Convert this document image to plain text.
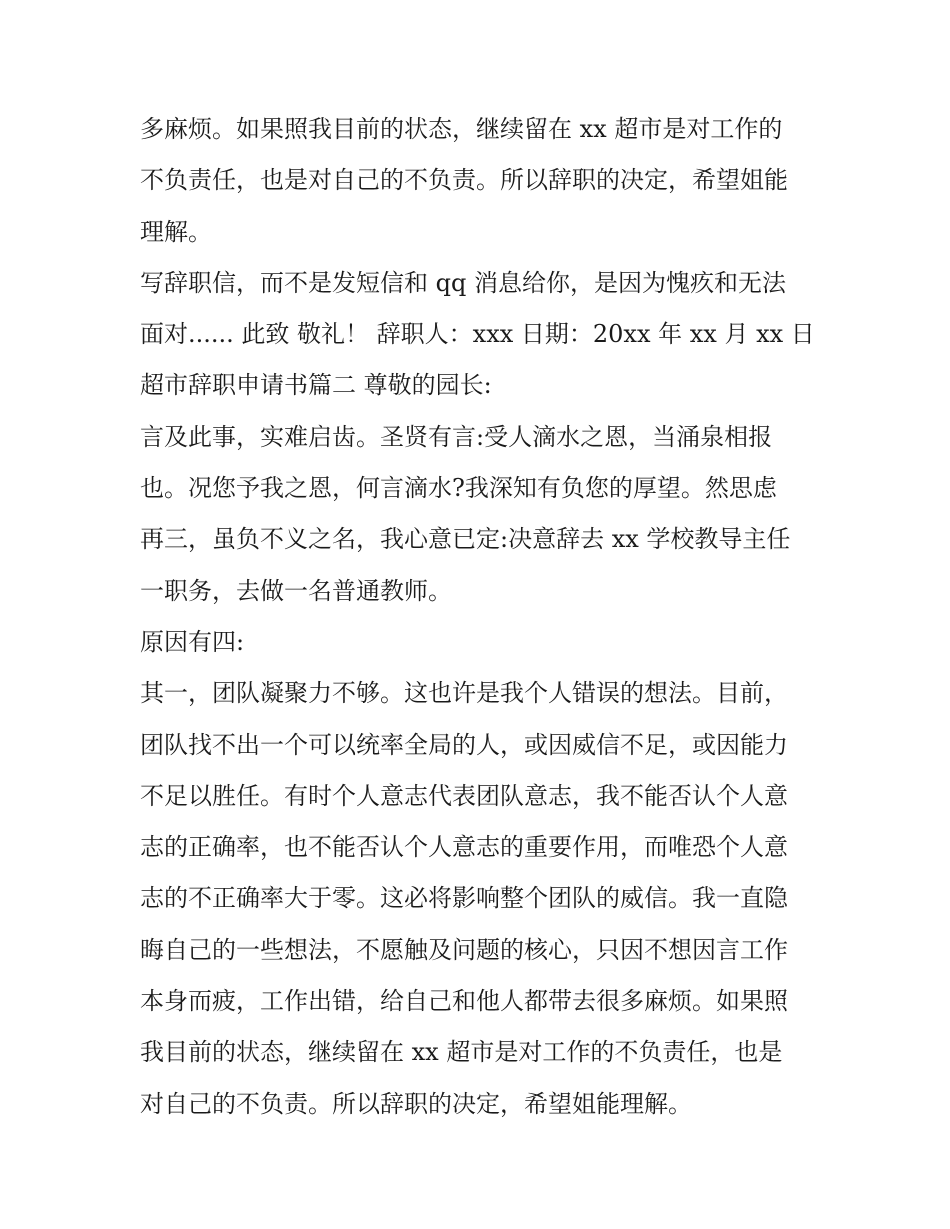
多麻烦。如果照我目前的状态，继续留在 xx 超市是对工作的
不负责任，也是对自己的不负责。所以辞职的决定，希望姐能
理解。
写辞职信，而不是发短信和 qq 消息给你，是因为愧疚和无法
面对...... 此致 敬礼！ 辞职人：xxx 日期：20xx 年 xx 月 xx 日
超市辞职申请书篇二 尊敬的园长:
言及此事，实难启齿。圣贤有言:受人滴水之恩，当涌泉相报
也。况您予我之恩，何言滴水?我深知有负您的厚望。然思虑
再三，虽负不义之名，我心意已定:决意辞去 xx 学校教导主任
一职务，去做一名普通教师。
原因有四:
其一，团队凝聚力不够。这也许是我个人错误的想法。目前，
团队找不出一个可以统率全局的人，或因威信不足，或因能力
不足以胜任。有时个人意志代表团队意志，我不能否认个人意
志的正确率，也不能否认个人意志的重要作用，而唯恐个人意
志的不正确率大于零。这必将影响整个团队的威信。我一直隐
晦自己的一些想法，不愿触及问题的核心，只因不想因言工作
本身而疲，工作出错，给自己和他人都带去很多麻烦。如果照
我目前的状态，继续留在 xx 超市是对工作的不负责任，也是
对自己的不负责。所以辞职的决定，希望姐能理解。
